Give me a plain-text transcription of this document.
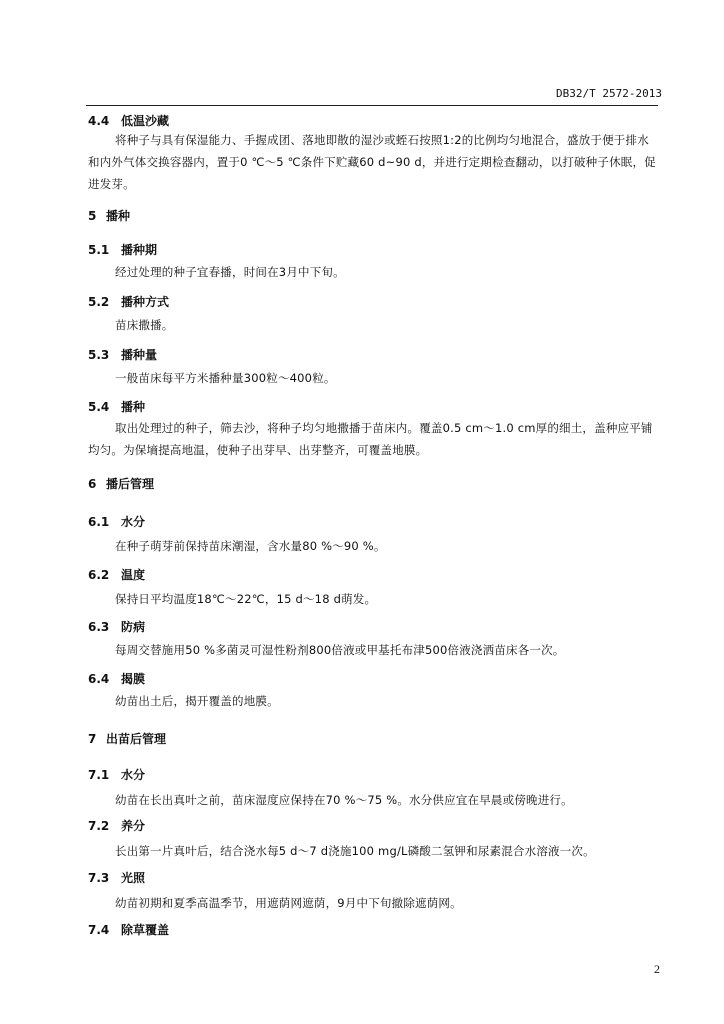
DB32/T 2572-2013
4.4 低温沙藏
将种子与具有保湿能力、手握成团、落地即散的湿沙或蛭石按照1:2的比例均匀地混合，盛放于便于排水和内外气体交换容器内，置于0 ℃～5 ℃条件下贮藏60 d~90 d，并进行定期检查翻动，以打破种子休眠，促进发芽。
5 播种
5.1 播种期
经过处理的种子宜春播，时间在3月中下旬。
5.2 播种方式
苗床撒播。
5.3 播种量
一般苗床每平方米播种量300粒～400粒。
5.4 播种
取出处理过的种子，筛去沙，将种子均匀地撒播于苗床内。覆盖0.5 cm～1.0 cm厚的细土，盖种应平铺均匀。为保墒提高地温，使种子出芽早、出芽整齐，可覆盖地膜。
6 播后管理
6.1 水分
在种子萌芽前保持苗床潮湿，含水量80 %～90 %。
6.2 温度
保持日平均温度18℃～22℃，15 d～18 d萌发。
6.3 防病
每周交替施用50 %多菌灵可湿性粉剂800倍液或甲基托布津500倍液浇洒苗床各一次。
6.4 揭膜
幼苗出土后，揭开覆盖的地膜。
7 出苗后管理
7.1 水分
幼苗在长出真叶之前，苗床湿度应保持在70 %～75 %。水分供应宜在早晨或傍晚进行。
7.2 养分
长出第一片真叶后，结合浇水每5 d～7 d浇施100 mg/L磷酸二氢钾和尿素混合水溶液一次。
7.3 光照
幼苗初期和夏季高温季节，用遮荫网遮荫，9月中下旬撤除遮荫网。
7.4 除草覆盖
2
